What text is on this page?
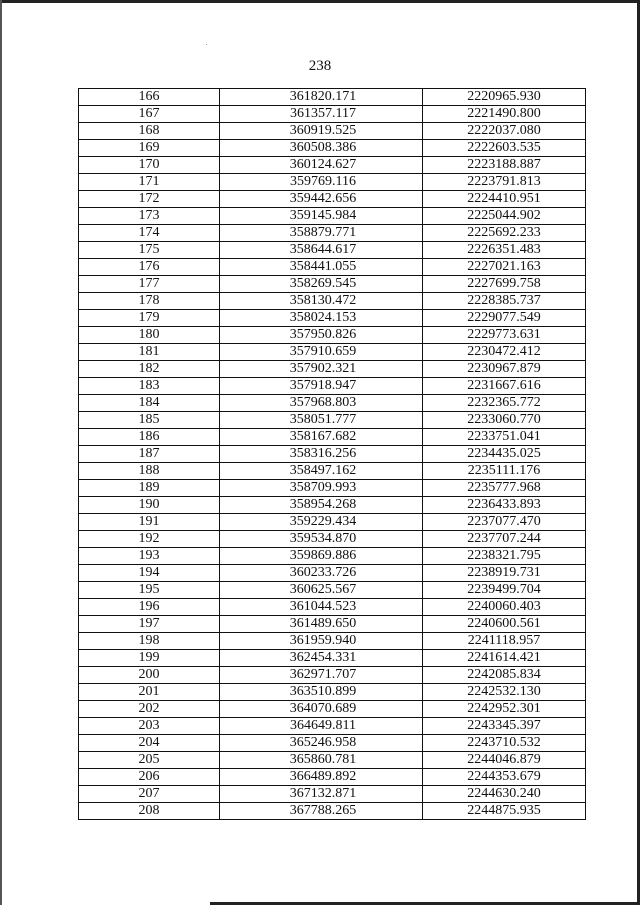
238
166	361820.171	2220965.930
167	361357.117	2221490.800
168	360919.525	2222037.080
169	360508.386	2222603.535
170	360124.627	2223188.887
171	359769.116	2223791.813
172	359442.656	2224410.951
173	359145.984	2225044.902
174	358879.771	2225692.233
175	358644.617	2226351.483
176	358441.055	2227021.163
177	358269.545	2227699.758
178	358130.472	2228385.737
179	358024.153	2229077.549
180	357950.826	2229773.631
181	357910.659	2230472.412
182	357902.321	2230967.879
183	357918.947	2231667.616
184	357968.803	2232365.772
185	358051.777	2233060.770
186	358167.682	2233751.041
187	358316.256	2234435.025
188	358497.162	2235111.176
189	358709.993	2235777.968
190	358954.268	2236433.893
191	359229.434	2237077.470
192	359534.870	2237707.244
193	359869.886	2238321.795
194	360233.726	2238919.731
195	360625.567	2239499.704
196	361044.523	2240060.403
197	361489.650	2240600.561
198	361959.940	2241118.957
199	362454.331	2241614.421
200	362971.707	2242085.834
201	363510.899	2242532.130
202	364070.689	2242952.301
203	364649.811	2243345.397
204	365246.958	2243710.532
205	365860.781	2244046.879
206	366489.892	2244353.679
207	367132.871	2244630.240
208	367788.265	2244875.935
